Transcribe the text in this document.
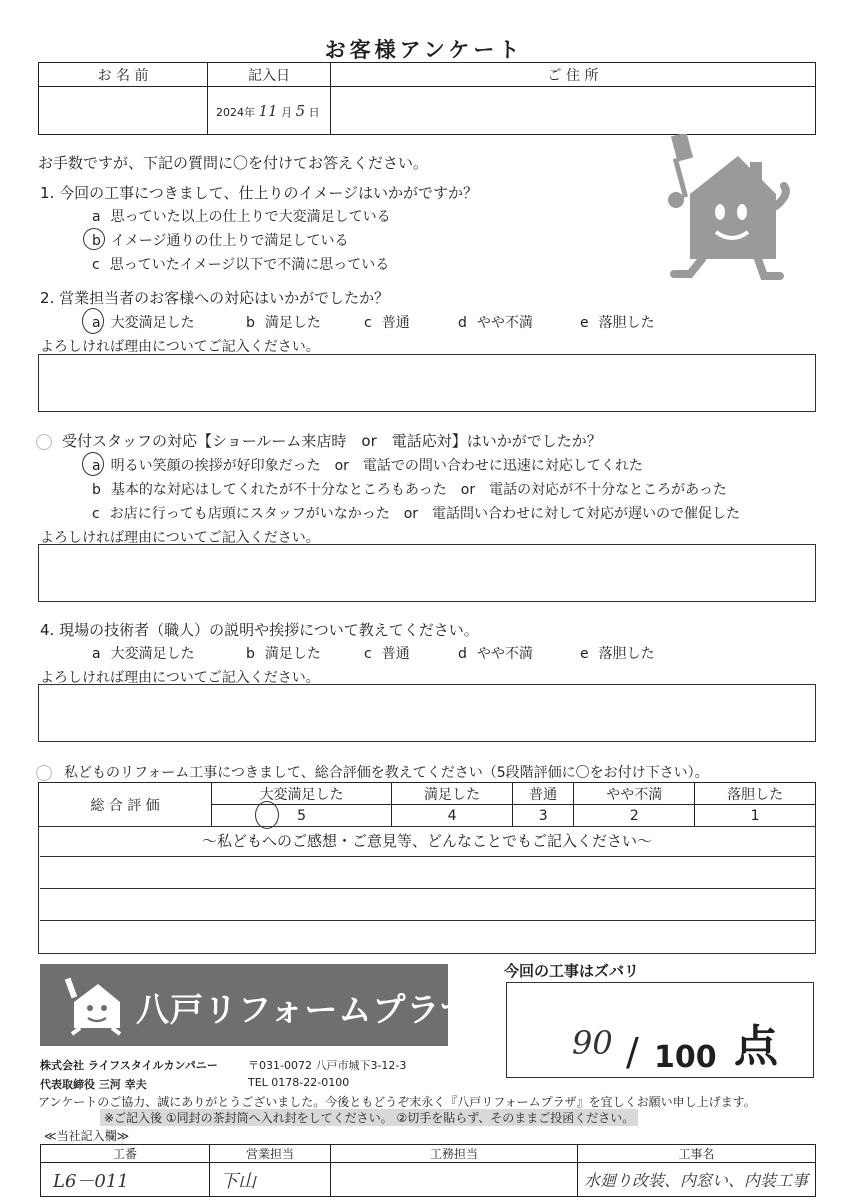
お客様アンケート
お 名 前	記入日	ご 住 所
	2024年 11 月 5 日	
お手数ですが、下記の質問に〇を付けてお答えください。
1. 今回の工事につきまして、仕上りのイメージはいかがですか？
a 思っていた以上の仕上りで大変満足している
b イメージ通りの仕上りで満足している
c 思っていたイメージ以下で不満に思っている
2. 営業担当者のお客様への対応はいかがでしたか？
a 大変満足した	b 満足した	c 普通	d やや不満	e 落胆した
よろしければ理由についてご記入ください。
受付スタッフの対応【ショールーム来店時　or　電話応対】はいかがでしたか？
a 明るい笑顔の挨拶が好印象だった　or　電話での問い合わせに迅速に対応してくれた
b 基本的な対応はしてくれたが不十分なところもあった　or　電話の対応が不十分なところがあった
c お店に行っても店頭にスタッフがいなかった　or　電話問い合わせに対して対応が遅いので催促した
よろしければ理由についてご記入ください。
4. 現場の技術者（職人）の説明や挨拶について教えてください。
a 大変満足した	b 満足した	c 普通	d やや不満	e 落胆した
よろしければ理由についてご記入ください。
私どものリフォーム工事につきまして、総合評価を教えてください（5段階評価に〇をお付け下さい）。
総 合 評 価	大変満足した	満足した	普通	やや不満	落胆した
	5	4	3	2	1
〜私どもへのご感想・ご意見等、どんなことでもご記入ください〜
八戸リフォームプラザ
今回の工事はズバリ
90 / 100 点
株式会社 ライフスタイルカンパニー	〒031-0072 八戸市城下3-12-3
代表取締役 三河 幸夫	TEL 0178-22-0100
アンケートのご協力、誠にありがとうございました。今後ともどうぞ末永く『八戸リフォームプラザ』を宜しくお願い申し上げます。
※ご記入後 ①同封の茶封筒へ入れ封をしてください。 ②切手を貼らず、そのままご投函ください。
≪当社記入欄≫
工番	営業担当	工務担当	工事名
L6－011	下山		水廻り改装、内窓い、内装工事
